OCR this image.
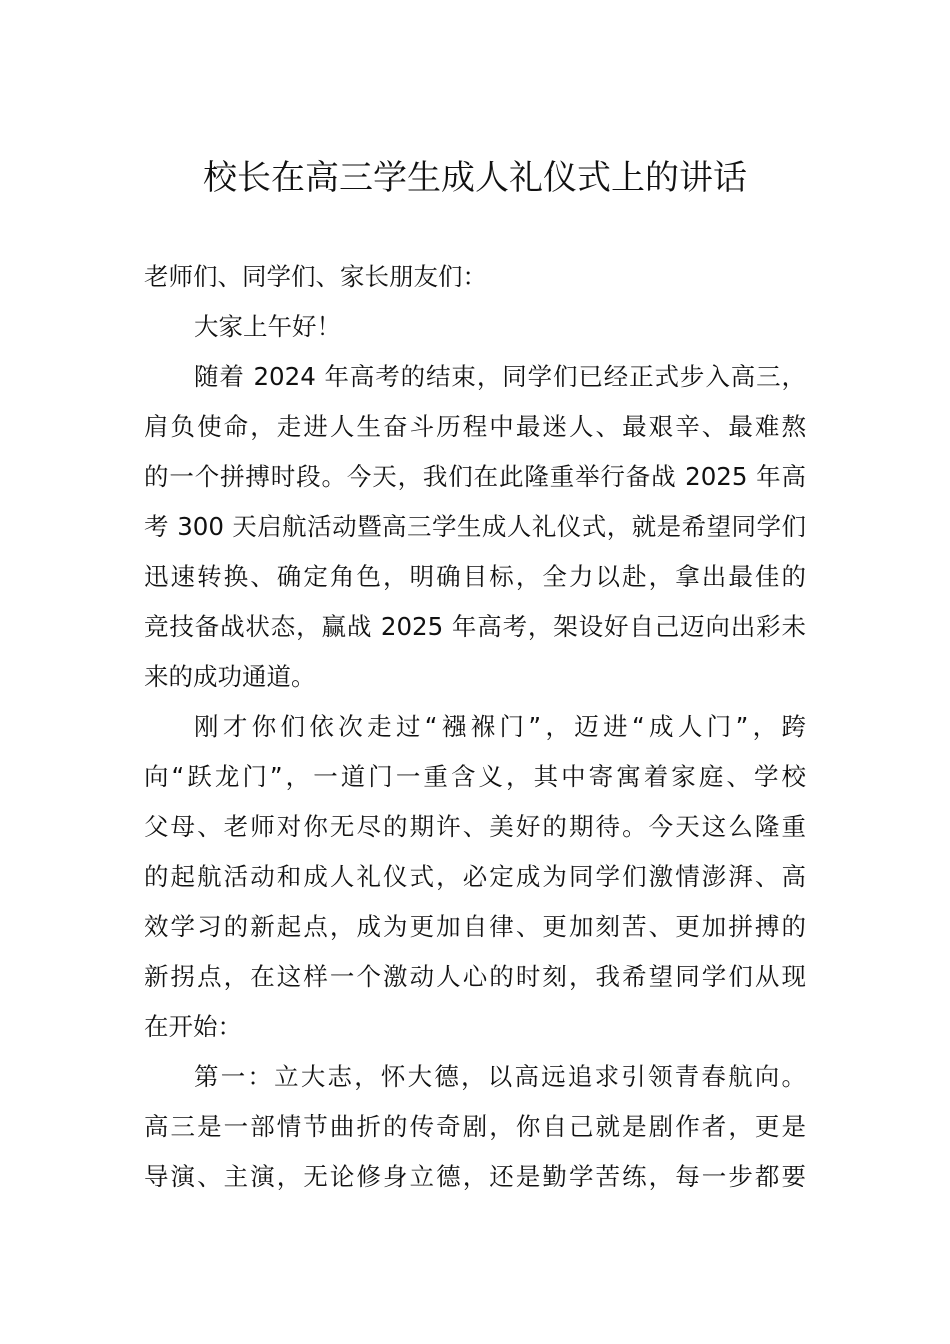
校长在高三学生成人礼仪式上的讲话
老师们、同学们、家长朋友们：
大家上午好！
随着 2024 年高考的结束，同学们已经正式步入高三，
肩负使命，走进人生奋斗历程中最迷人、最艰辛、最难熬
的一个拼搏时段。今天，我们在此隆重举行备战 2025 年高
考 300 天启航活动暨高三学生成人礼仪式，就是希望同学们
迅速转换、确定角色，明确目标，全力以赴，拿出最佳的
竞技备战状态，赢战 2025 年高考，架设好自己迈向出彩未
来的成功通道。
刚才你们依次走过“襁褓门”，迈进“成人门”，跨
向“跃龙门”，一道门一重含义，其中寄寓着家庭、学校
父母、老师对你无尽的期许、美好的期待。今天这么隆重
的起航活动和成人礼仪式，必定成为同学们激情澎湃、高
效学习的新起点，成为更加自律、更加刻苦、更加拼搏的
新拐点，在这样一个激动人心的时刻，我希望同学们从现
在开始：
第一：立大志，怀大德，以高远追求引领青春航向。
高三是一部情节曲折的传奇剧，你自己就是剧作者，更是
导演、主演，无论修身立德，还是勤学苦练，每一步都要
